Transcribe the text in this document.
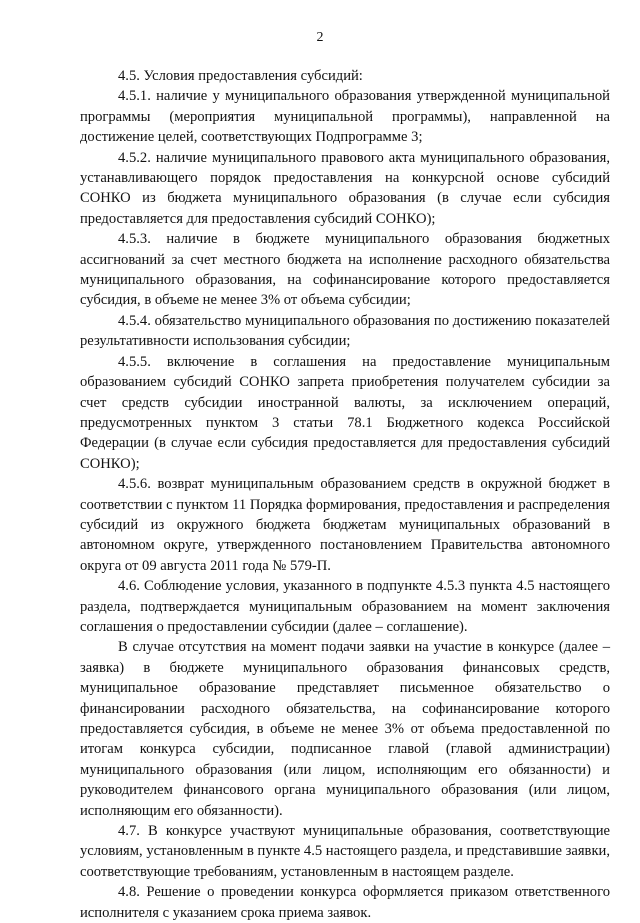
2

4.5. Условия предоставления субсидий:

4.5.1. наличие у муниципального образования утвержденной муниципальной программы (мероприятия муниципальной программы), направленной на достижение целей, соответствующих Подпрограмме 3;

4.5.2. наличие муниципального правового акта муниципального образования, устанавливающего порядок предоставления на конкурсной основе субсидий СОНКО из бюджета муниципального образования (в случае если субсидия предоставляется для предоставления субсидий СОНКО);

4.5.3. наличие в бюджете муниципального образования бюджетных ассигнований за счет местного бюджета на исполнение расходного обязательства муниципального образования, на софинансирование которого предоставляется субсидия, в объеме не менее 3% от объема субсидии;

4.5.4. обязательство муниципального образования по достижению показателей результативности использования субсидии;

4.5.5. включение в соглашения на предоставление муниципальным образованием субсидий СОНКО запрета приобретения получателем субсидии за счет средств субсидии иностранной валюты, за исключением операций, предусмотренных пунктом 3 статьи 78.1 Бюджетного кодекса Российской Федерации (в случае если субсидия предоставляется для предоставления субсидий СОНКО);

4.5.6. возврат муниципальным образованием средств в окружной бюджет в соответствии с пунктом 11 Порядка формирования, предоставления и распределения субсидий из окружного бюджета бюджетам муниципальных образований в автономном округе, утвержденного постановлением Правительства автономного округа от 09 августа 2011 года № 579-П.

4.6. Соблюдение условия, указанного в подпункте 4.5.3 пункта 4.5 настоящего раздела, подтверждается муниципальным образованием на момент заключения соглашения о предоставлении субсидии (далее – соглашение).

В случае отсутствия на момент подачи заявки на участие в конкурсе (далее – заявка) в бюджете муниципального образования финансовых средств, муниципальное образование представляет письменное обязательство о финансировании расходного обязательства, на софинансирование которого предоставляется субсидия, в объеме не менее 3% от объема предоставленной по итогам конкурса субсидии, подписанное главой (главой администрации) муниципального образования (или лицом, исполняющим его обязанности) и руководителем финансового органа муниципального образования (или лицом, исполняющим его обязанности).

4.7. В конкурсе участвуют муниципальные образования, соответствующие условиям, установленным в пункте 4.5 настоящего раздела, и представившие заявки, соответствующие требованиям, установленным в настоящем разделе.

4.8. Решение о проведении конкурса оформляется приказом ответственного исполнителя с указанием срока приема заявок.
